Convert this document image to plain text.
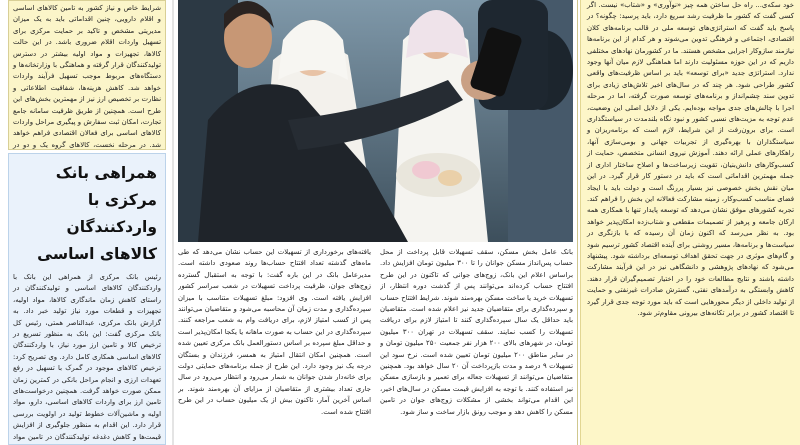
شرایط خاص و نیاز کشور به تامین کالاهای اساسی و اقلام دارویی، چنین اقداماتی باید به یک میزان مدیریتی مشخص و تاکید بر حمایت مرکزی برای تسهیل واردات اقلام ضروری باشد. در این حالت کالاها، تجهیزات و مواد اولیه بیشتر در دسترس تولیدکنندگان قرار گرفته و هماهنگی با وزارتخانه‌ها و دستگاه‌های مربوط موجب تسهیل فرآیند واردات خواهد شد. کاهش هزینه‌ها، شفافیت اطلاعاتی و نظارت بر تخصیص ارز نیز از مهمترین بخش‌های این طرح است. همچنین از طریق ظرفیت سامانه جامع تجارت، امکان ثبت سفارش و پیگیری مراحل واردات کالاهای اساسی برای فعالان اقتصادی فراهم خواهد شد. در مرحله نخست، کالاهای گروه یک و دو در

همراهی بانک مرکزی با واردکنندگان کالاهای اساسی

رئیس بانک مرکزی از همراهی این بانک با واردکنندگان کالاهای اساسی و تولیدکنندگان در راستای کاهش زمان ماندگاری کالاها، مواد اولیه، تجهیزات و قطعات مورد نیاز تولید خبر داد. به گزارش بانک مرکزی، عبدالناصر همتی، رئیس کل بانک مرکزی گفت: این بانک به منظور تسریع در ترخیص کالا و تامین ارز مورد نیاز، با واردکنندگان کالاهای اساسی همکاری کامل دارد. وی تصریح کرد: ترخیص کالاهای موجود در گمرک با تسهیل در رفع تعهدات ارزی و انجام مراحل بانکی در کمترین زمان ممکن صورت خواهد گرفت. همچنین درخواست‌های تامین ارز برای واردات کالاهای اساسی، دارو، مواد اولیه و ماشین‌آلات خطوط تولید در اولویت بررسی قرار دارد. این اقدام به منظور جلوگیری از افزایش قیمت‌ها و کاهش دغدغه تولیدکنندگان در تامین مواد

بانک عامل بخش مسکن، سقف تسهیلات قابل پرداخت از محل حساب پس‌انداز مسکن جوانان را تا ۳۰۰ میلیون تومان افزایش داد. براساس اعلام این بانک، زوج‌های جوانی که تاکنون در این طرح افتتاح حساب کرده‌اند می‌توانند پس از گذشت دوره انتظار، از تسهیلات خرید یا ساخت مسکن بهره‌مند شوند. شرایط افتتاح حساب و سپرده‌گذاری برای متقاضیان جدید نیز اعلام شده است. متقاضیان باید حداقل یک سال سپرده‌گذاری کنند تا امتیاز لازم برای دریافت تسهیلات را کسب نمایند. سقف تسهیلات در تهران ۳۰۰ میلیون تومان، در شهرهای بالای ۲۰۰ هزار نفر جمعیت ۲۵۰ میلیون تومان و در سایر مناطق ۲۰۰ میلیون تومان تعیین شده است. نرخ سود این تسهیلات ۹ درصد و مدت بازپرداخت آن ۲۰ سال خواهد بود. همچنین متقاضیان می‌توانند از تسهیلات جعاله برای تعمیر و بازسازی مسکن نیز استفاده کنند. با توجه به افزایش قیمت مسکن در سال‌های اخیر، این اقدام می‌تواند بخشی از مشکلات زوج‌های جوان در تامین مسکن را کاهش دهد و موجب رونق بازار ساخت و ساز شود.

یافته‌های برخورداری از تسهیلات این حساب نشان می‌دهد که طی ماه‌های گذشته تعداد افتتاح حساب‌ها روند صعودی داشته است. مدیرعامل بانک در این باره گفت: با توجه به استقبال گسترده زوج‌های جوان، ظرفیت پرداخت تسهیلات در شعب سراسر کشور افزایش یافته است. وی افزود: مبلغ تسهیلات متناسب با میزان سپرده‌گذاری و مدت زمان آن محاسبه می‌شود و متقاضیان می‌توانند پس از کسب امتیاز لازم، برای دریافت وام به شعب مراجعه کنند. سپرده‌گذاری در این حساب به صورت ماهانه یا یکجا امکان‌پذیر است و حداقل مبلغ سپرده بر اساس دستورالعمل بانک مرکزی تعیین شده است. همچنین امکان انتقال امتیاز به همسر، فرزندان و بستگان درجه یک نیز وجود دارد. این طرح از جمله برنامه‌های حمایتی دولت برای خانه‌دار شدن جوانان به شمار می‌رود و انتظار می‌رود در سال جاری تعداد بیشتری از متقاضیان از مزایای آن بهره‌مند شوند. بر اساس آخرین آمار، تاکنون بیش از یک میلیون حساب در این طرح افتتاح شده است.

خود سکه‌ی... راه حل ساختن همه چیز «نوآوری» و «شتاب» نیست. اگر کسی گفت که کشور ما ظرفیت رشد سریع دارد، باید پرسید: چگونه؟ در پاسخ باید گفت که استراتژی‌های توسعه ملی در قالب برنامه‌های کلان اقتصادی، اجتماعی و فرهنگی تدوین می‌شوند و هر کدام از این برنامه‌ها نیازمند سازوکار اجرایی مشخص هستند. ما در کشورمان نهادهای مختلفی داریم که در این حوزه مسئولیت دارند اما هماهنگی لازم میان آنها وجود ندارد. استراتژی جدید «برای توسعه» باید بر اساس ظرفیت‌های واقعی کشور طراحی شود. هر چند که در سال‌های اخیر تلاش‌های زیادی برای تدوین سند چشم‌انداز و برنامه‌های توسعه صورت گرفته، اما در مرحله اجرا با چالش‌های جدی مواجه بوده‌ایم. یکی از دلایل اصلی این وضعیت، عدم توجه به مزیت‌های نسبی کشور و نبود نگاه بلندمدت در سیاستگذاری است. برای برون‌رفت از این شرایط، لازم است که برنامه‌ریزان و سیاستگذاران با بهره‌گیری از تجربیات جهانی و بومی‌سازی آنها، راهکارهای عملی ارائه دهند. آموزش نیروی انسانی متخصص، حمایت از کسب‌وکارهای دانش‌بنیان، تقویت زیرساخت‌ها و اصلاح ساختار اداری از جمله مهمترین اقداماتی است که باید در دستور کار قرار گیرد. در این میان نقش بخش خصوصی نیز بسیار پررنگ است و دولت باید با ایجاد فضای مناسب کسب‌وکار، زمینه مشارکت فعالانه این بخش را فراهم کند. تجربه کشورهای موفق نشان می‌دهد که توسعه پایدار تنها با همکاری همه ارکان جامعه و پرهیز از تصمیمات مقطعی و شتاب‌زده امکان‌پذیر خواهد بود. به نظر می‌رسد که اکنون زمان آن رسیده که با بازنگری در سیاست‌ها و برنامه‌ها، مسیر روشنی برای آینده اقتصاد کشور ترسیم شود و گام‌های موثری در جهت تحقق اهداف توسعه‌ای برداشته شود. پیشنهاد می‌شود که نهادهای پژوهشی و دانشگاهی نیز در این فرآیند مشارکت داشته باشند و نتایج مطالعات خود را در اختیار تصمیم‌گیران قرار دهند. کاهش وابستگی به درآمدهای نفتی، گسترش صادرات غیرنفتی و حمایت از تولید داخلی از دیگر محورهایی است که باید مورد توجه جدی قرار گیرد تا اقتصاد کشور در برابر تکانه‌های بیرونی مقاوم‌تر شود.
